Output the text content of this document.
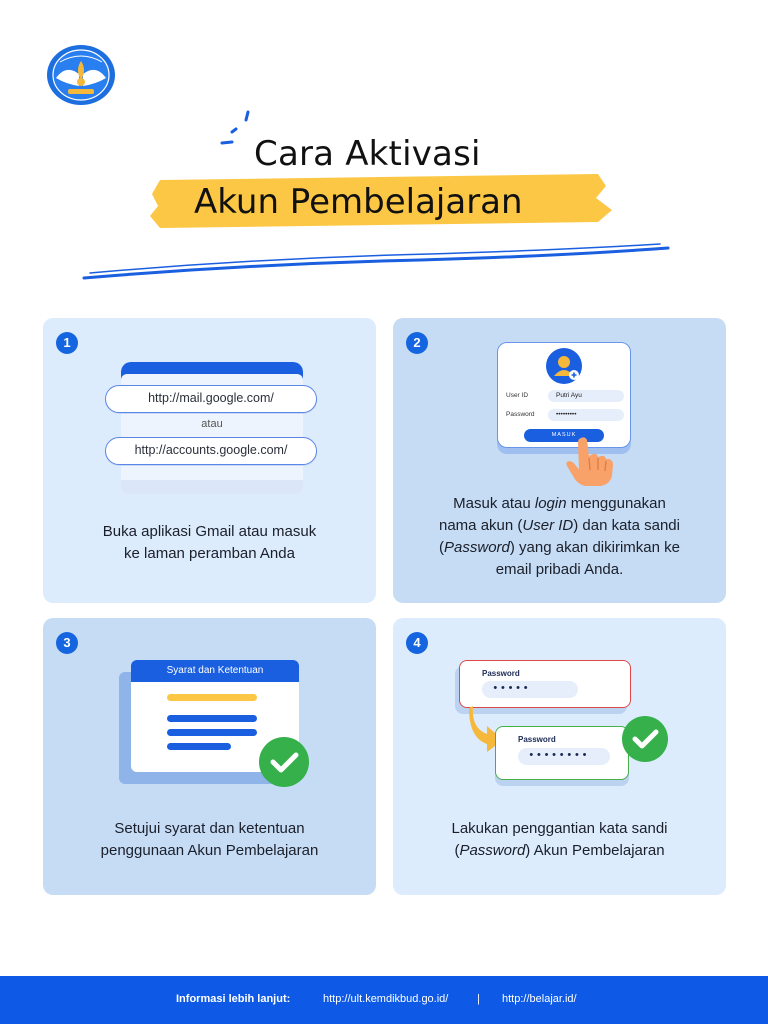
Cara Aktivasi
Akun Pembelajaran
1
http://mail.google.com/
atau
http://accounts.google.com/
Buka aplikasi Gmail atau masuk
ke laman peramban Anda
2
User ID	Putri Ayu
Password	•••••••••
MASUK
Masuk atau login menggunakan
nama akun (User ID) dan kata sandi
(Password) yang akan dikirimkan ke
email pribadi Anda.
3
Syarat dan Ketentuan
Setujui syarat dan ketentuan
penggunaan Akun Pembelajaran
4
Password
•••••
Password
••••••••
Lakukan penggantian kata sandi
(Password) Akun Pembelajaran
Informasi lebih lanjut:	http://ult.kemdikbud.go.id/	| http://belajar.id/
